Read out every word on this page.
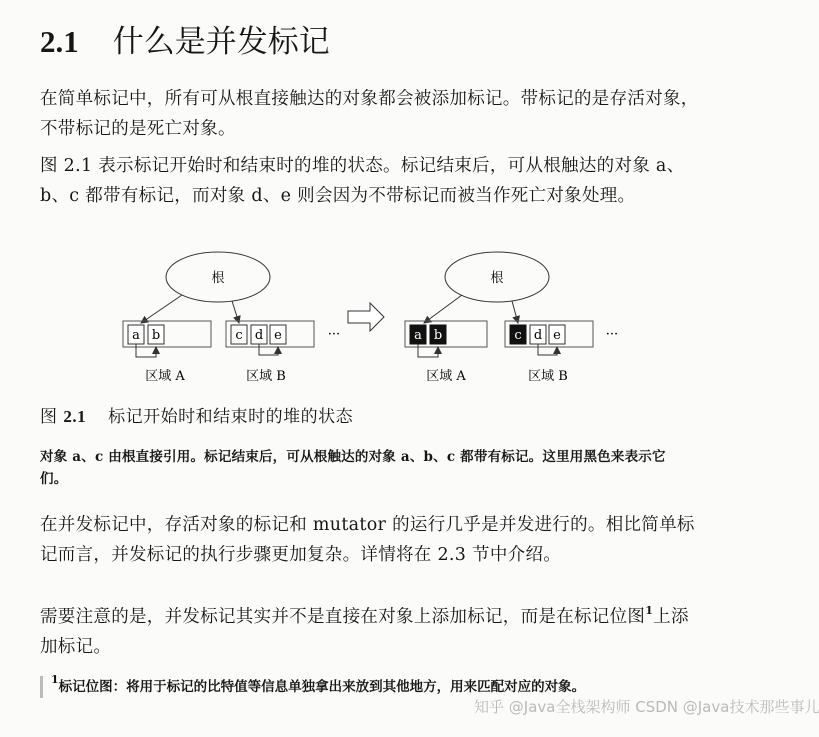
2.1 什么是并发标记

在简单标记中，所有可从根直接触达的对象都会被添加标记。带标记的是存活对象，不带标记的是死亡对象。

图 2.1 表示标记开始时和结束时的堆的状态。标记结束后，可从根触达的对象 a、b、c 都带有标记，而对象 d、e 则会因为不带标记而被当作死亡对象处理。

根
a b
区域 A
c d e
区域 B
···
根
a b
区域 A
c d e
区域 B
···
图 2.1 标记开始时和结束时的堆的状态

对象 a、c 由根直接引用。标记结束后，可从根触达的对象 a、b、c 都带有标记。这里用黑色来表示它们。

在并发标记中，存活对象的标记和 mutator 的运行几乎是并发进行的。相比简单标记而言，并发标记的执行步骤更加复杂。详情将在 2.3 节中介绍。

需要注意的是，并发标记其实并不是直接在对象上添加标记，而是在标记位图$^1$上添加标记。

$^1$标记位图：将用于标记的比特值等信息单独拿出来放到其他地方，用来匹配对应的对象。
知乎 @Java全栈架构师 CSDN @Java技术那些事儿
